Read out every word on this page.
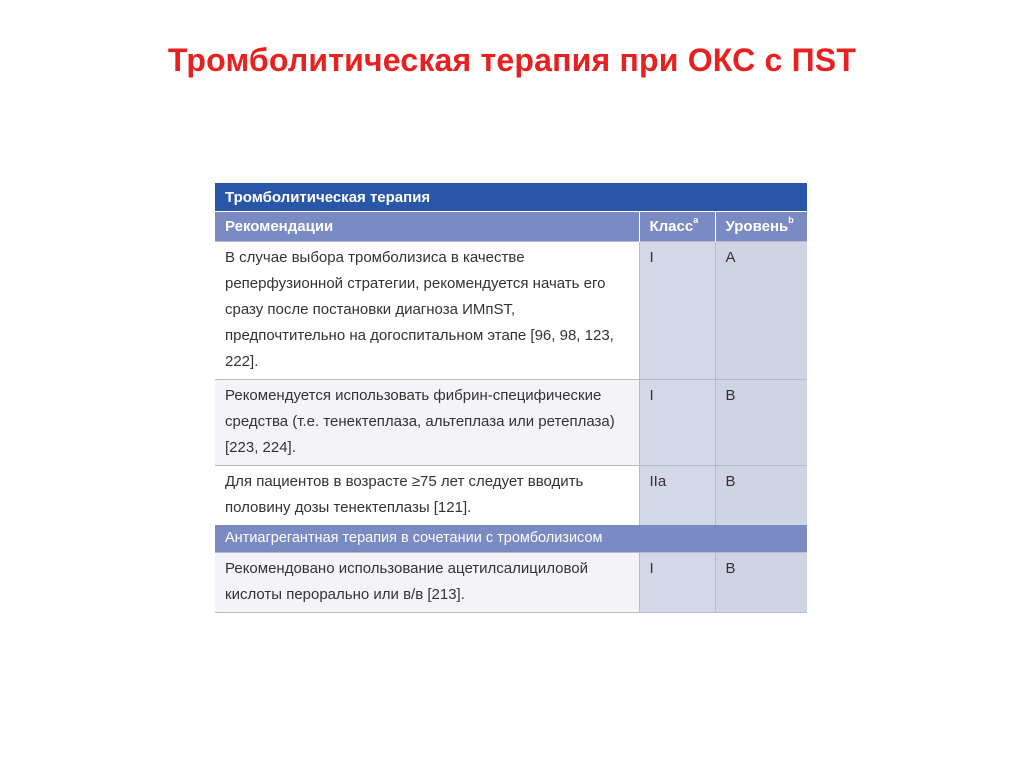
Тромболитическая терапия при ОКС с ПST
Тромболитическая терапия		
Рекомендации	Класс$^a$	Уровень$^b$
В случае выбора тромболизиса в качестве реперфузионной стратегии, рекомендуется начать его сразу после постановки диагноза ИМпST, предпочтительно на догоспитальном этапе [96, 98, 123, 222].	I	A
Рекомендуется использовать фибрин-специфические средства (т.е. тенектеплаза, альтеплаза или ретеплаза) [223, 224].	I	B
Для пациентов в возрасте ≥75 лет следует вводить половину дозы тенектеплазы [121].	IIa	B
Антиагрегантная терапия в сочетании с тромболизисом		
Рекомендовано использование ацетилсалициловой кислоты перорально или в/в [213].	I	B
